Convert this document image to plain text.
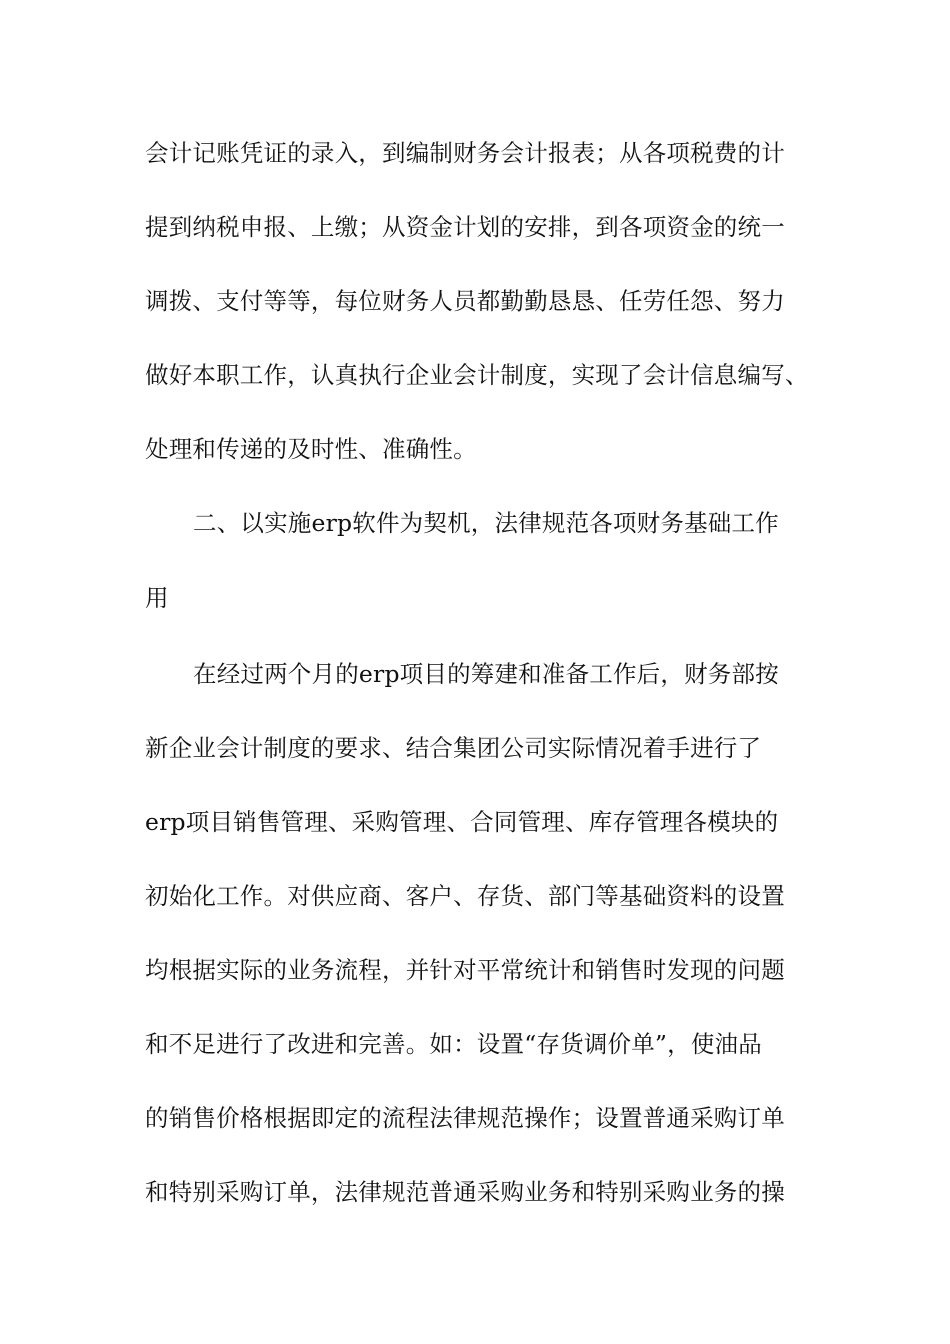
会计记账凭证的录入，到编制财务会计报表；从各项税费的计
提到纳税申报、上缴；从资金计划的安排，到各项资金的统一
调拨、支付等等，每位财务人员都勤勤恳恳、任劳任怨、努力
做好本职工作，认真执行企业会计制度，实现了会计信息编写、
处理和传递的及时性、准确性。
二、以实施erp软件为契机，法律规范各项财务基础工作
用
在经过两个月的erp项目的筹建和准备工作后，财务部按
新企业会计制度的要求、结合集团公司实际情况着手进行了
erp项目销售管理、采购管理、合同管理、库存管理各模块的
初始化工作。对供应商、客户、存货、部门等基础资料的设置
均根据实际的业务流程，并针对平常统计和销售时发现的问题
和不足进行了改进和完善。如：设置“存货调价单”，使油品
的销售价格根据即定的流程法律规范操作；设置普通采购订单
和特别采购订单，法律规范普通采购业务和特别采购业务的操
